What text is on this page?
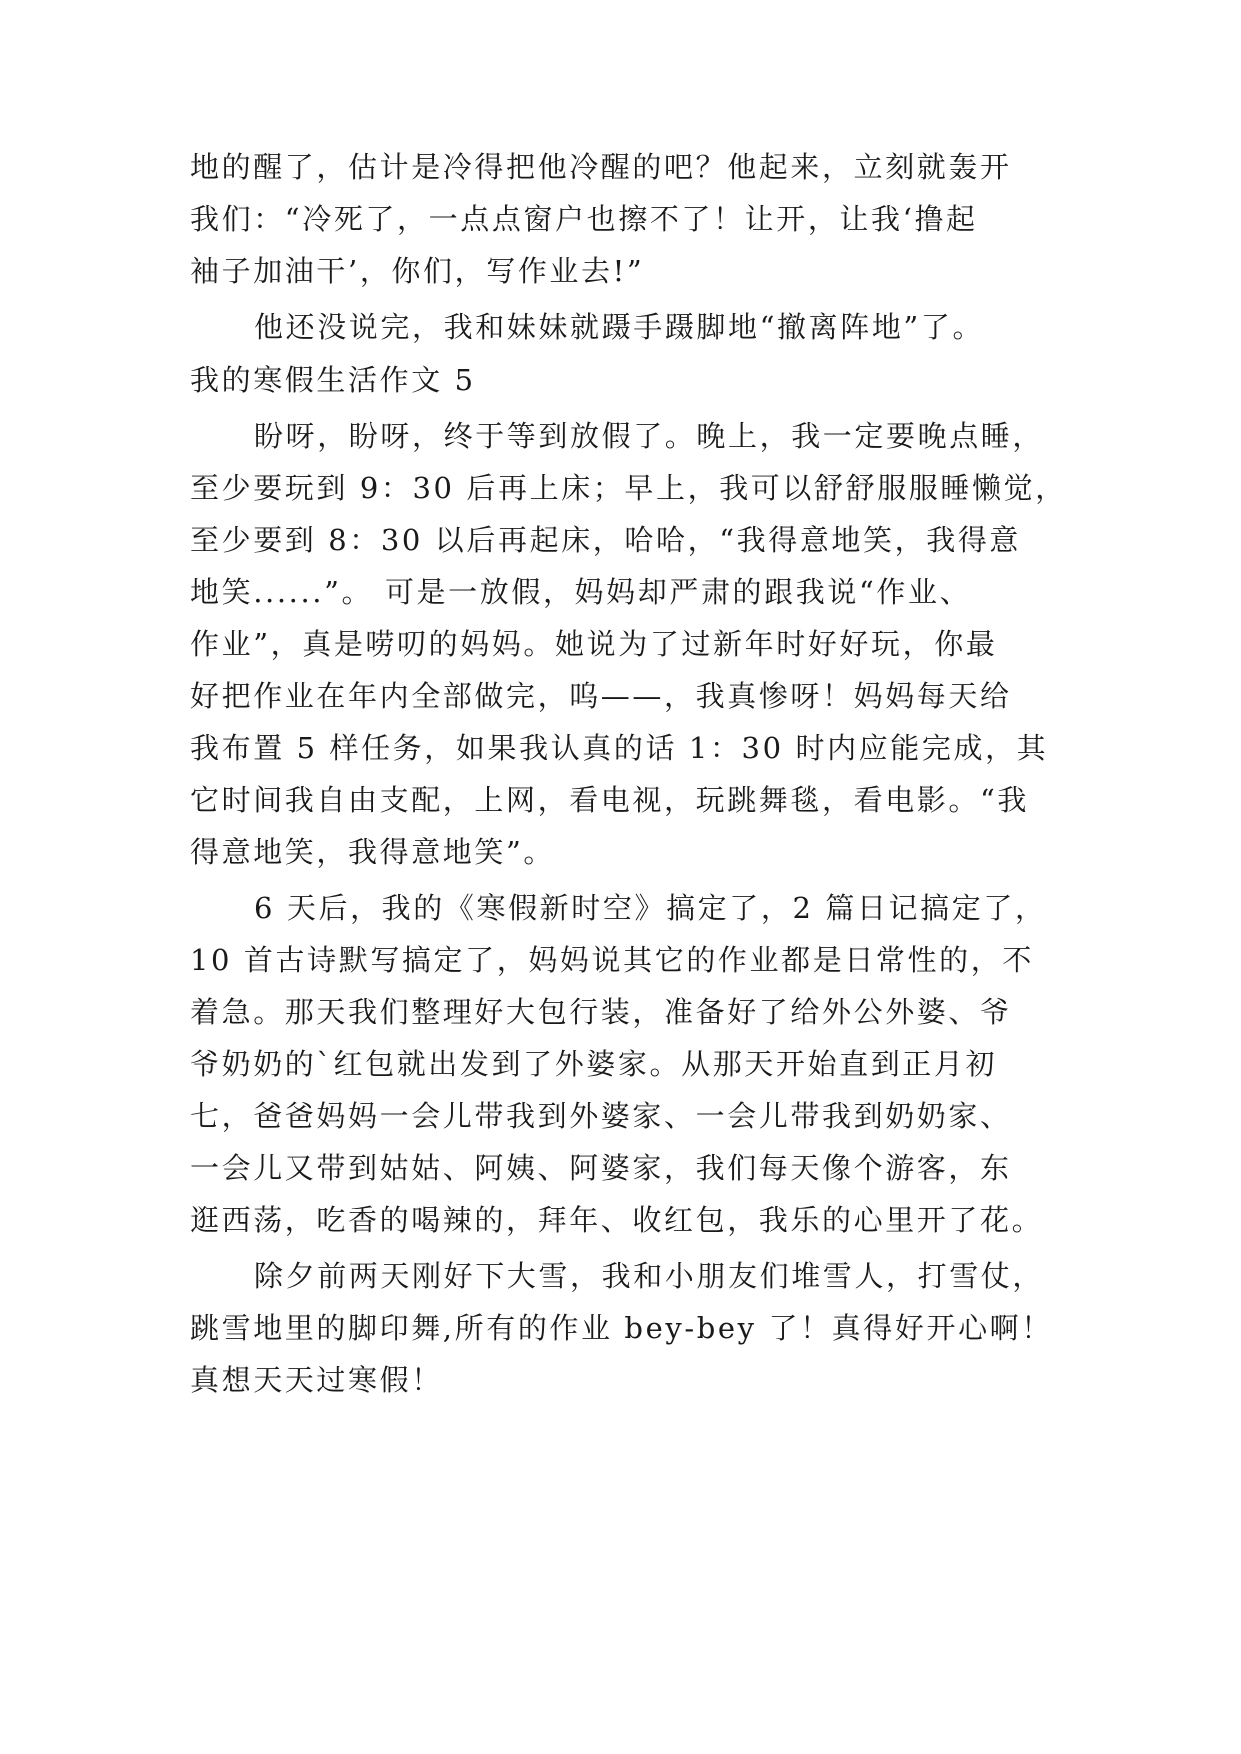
地的醒了，估计是冷得把他冷醒的吧？他起来，立刻就轰开
我们：“冷死了，一点点窗户也擦不了！让开，让我‘撸起
袖子加油干’，你们，写作业去!”
他还没说完，我和妹妹就蹑手蹑脚地“撤离阵地”了。
我的寒假生活作文 5
盼呀，盼呀，终于等到放假了。晚上，我一定要晚点睡，
至少要玩到 9：30 后再上床；早上，我可以舒舒服服睡懒觉，
至少要到 8：30 以后再起床，哈哈，“我得意地笑，我得意
地笑......”。 可是一放假，妈妈却严肃的跟我说“作业、
作业”，真是唠叨的妈妈。她说为了过新年时好好玩，你最
好把作业在年内全部做完，呜——，我真惨呀！妈妈每天给
我布置 5 样任务，如果我认真的话 1：30 时内应能完成，其
它时间我自由支配，上网，看电视，玩跳舞毯，看电影。“我
得意地笑，我得意地笑”。
6 天后，我的《寒假新时空》搞定了，2 篇日记搞定了，
10 首古诗默写搞定了，妈妈说其它的作业都是日常性的，不
着急。那天我们整理好大包行装，准备好了给外公外婆、爷
爷奶奶的`红包就出发到了外婆家。从那天开始直到正月初
七，爸爸妈妈一会儿带我到外婆家、一会儿带我到奶奶家、
一会儿又带到姑姑、阿姨、阿婆家，我们每天像个游客，东
逛西荡，吃香的喝辣的，拜年、收红包，我乐的心里开了花。
除夕前两天刚好下大雪，我和小朋友们堆雪人，打雪仗，
跳雪地里的脚印舞,所有的作业 bey-bey 了！真得好开心啊！
真想天天过寒假！
